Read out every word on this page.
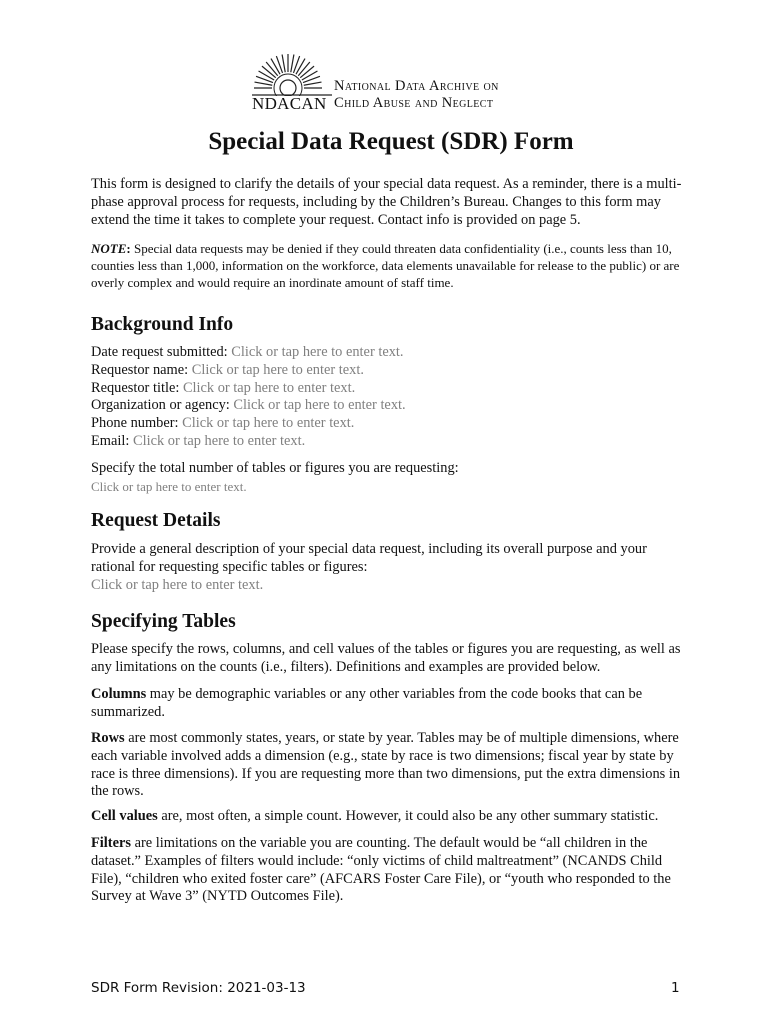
National Data Archive on
NDACAN Child Abuse and Neglect
Special Data Request (SDR) Form

This form is designed to clarify the details of your special data request. As a reminder, there is a multi-phase approval process for requests, including by the Children’s Bureau. Changes to this form may extend the time it takes to complete your request. Contact info is provided on page 5.

NOTE: Special data requests may be denied if they could threaten data confidentiality (i.e., counts less than 10, counties less than 1,000, information on the workforce, data elements unavailable for release to the public) or are overly complex and would require an inordinate amount of staff time.

Background Info
Date request submitted: Click or tap here to enter text.
Requestor name: Click or tap here to enter text.
Requestor title: Click or tap here to enter text.
Organization or agency: Click or tap here to enter text.
Phone number: Click or tap here to enter text.
Email: Click or tap here to enter text.

Specify the total number of tables or figures you are requesting:

Click or tap here to enter text.

Request Details

Provide a general description of your special data request, including its overall purpose and your rational for requesting specific tables or figures:

Click or tap here to enter text.

Specifying Tables

Please specify the rows, columns, and cell values of the tables or figures you are requesting, as well as any limitations on the counts (i.e., filters). Definitions and examples are provided below.

Columns may be demographic variables or any other variables from the code books that can be summarized.

Rows are most commonly states, years, or state by year. Tables may be of multiple dimensions, where each variable involved adds a dimension (e.g., state by race is two dimensions; fiscal year by state by race is three dimensions). If you are requesting more than two dimensions, put the extra dimensions in the rows.

Cell values are, most often, a simple count. However, it could also be any other summary statistic.

Filters are limitations on the variable you are counting. The default would be “all children in the dataset.” Examples of filters would include: “only victims of child maltreatment” (NCANDS Child File), “children who exited foster care” (AFCARS Foster Care File), or “youth who responded to the Survey at Wave 3” (NYTD Outcomes File).

SDR Form Revision: 2021-03-13	1
